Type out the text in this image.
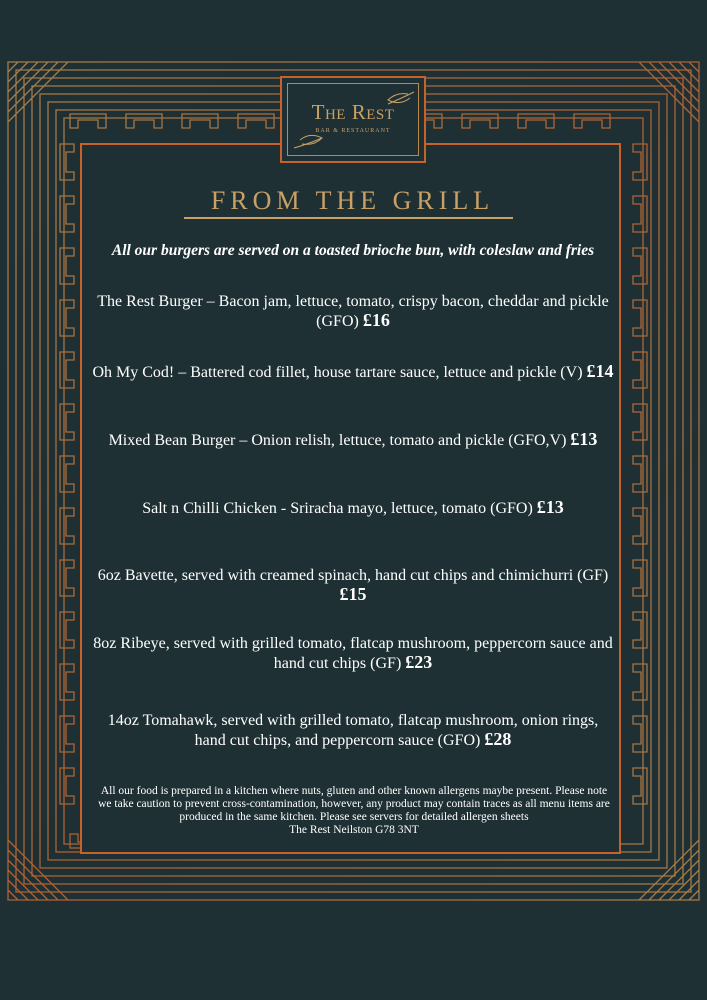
The Rest
BAR & RESTAURANT
FROM THE GRILL
All our burgers are served on a toasted brioche bun, with coleslaw and fries
The Rest Burger – Bacon jam, lettuce, tomato, crispy bacon, cheddar and pickle (GFO) £16
Oh My Cod! – Battered cod fillet, house tartare sauce, lettuce and pickle (V) £14
Mixed Bean Burger – Onion relish, lettuce, tomato and pickle (GFO,V) £13
Salt n Chilli Chicken - Sriracha mayo, lettuce, tomato (GFO) £13
6oz Bavette, served with creamed spinach, hand cut chips and chimichurri (GF) £15
8oz Ribeye, served with grilled tomato, flatcap mushroom, peppercorn sauce and hand cut chips (GF) £23
14oz Tomahawk, served with grilled tomato, flatcap mushroom, onion rings, hand cut chips, and peppercorn sauce (GFO) £28
All our food is prepared in a kitchen where nuts, gluten and other known allergens maybe present. Please note we take caution to prevent cross-contamination, however, any product may contain traces as all menu items are produced in the same kitchen. Please see servers for detailed allergen sheets
The Rest Neilston G78 3NT
